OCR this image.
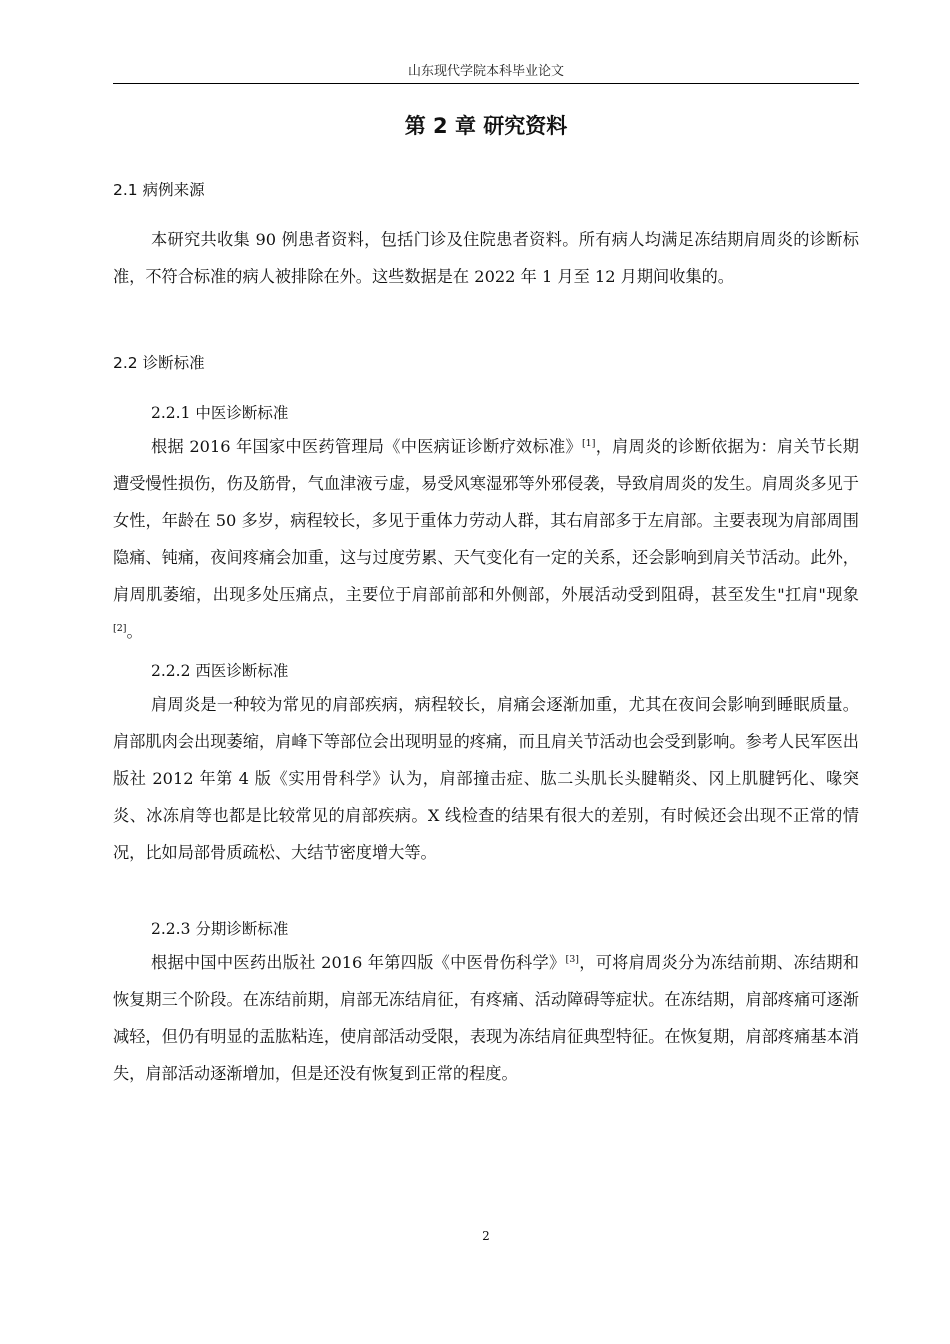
山东现代学院本科毕业论文
第 2 章 研究资料
2.1 病例来源

本研究共收集 90 例患者资料，包括门诊及住院患者资料。所有病人均满足冻结期肩周炎的诊断标准，不符合标准的病人被排除在外。这些数据是在 2022 年 1 月至 12 月期间收集的。

2.2 诊断标准
2.2.1 中医诊断标准

根据 2016 年国家中医药管理局《中医病证诊断疗效标准》[1]，肩周炎的诊断依据为：肩关节长期遭受慢性损伤，伤及筋骨，气血津液亏虚，易受风寒湿邪等外邪侵袭，导致肩周炎的发生。肩周炎多见于女性，年龄在 50 多岁，病程较长，多见于重体力劳动人群，其右肩部多于左肩部。主要表现为肩部周围隐痛、钝痛，夜间疼痛会加重，这与过度劳累、天气变化有一定的关系，还会影响到肩关节活动。此外，肩周肌萎缩，出现多处压痛点，主要位于肩部前部和外侧部，外展活动受到阻碍，甚至发生"扛肩"现象[2]。

2.2.2 西医诊断标准

肩周炎是一种较为常见的肩部疾病，病程较长，肩痛会逐渐加重，尤其在夜间会影响到睡眠质量。肩部肌肉会出现萎缩，肩峰下等部位会出现明显的疼痛，而且肩关节活动也会受到影响。参考人民军医出版社 2012 年第 4 版《实用骨科学》认为，肩部撞击症、肱二头肌长头腱鞘炎、冈上肌腱钙化、喙突炎、冰冻肩等也都是比较常见的肩部疾病。X 线检查的结果有很大的差别，有时候还会出现不正常的情况，比如局部骨质疏松、大结节密度增大等。

2.2.3 分期诊断标准

根据中国中医药出版社 2016 年第四版《中医骨伤科学》[3]，可将肩周炎分为冻结前期、冻结期和恢复期三个阶段。在冻结前期，肩部无冻结肩征，有疼痛、活动障碍等症状。在冻结期，肩部疼痛可逐渐减轻，但仍有明显的盂肱粘连，使肩部活动受限，表现为冻结肩征典型特征。在恢复期，肩部疼痛基本消失，肩部活动逐渐增加，但是还没有恢复到正常的程度。

2
